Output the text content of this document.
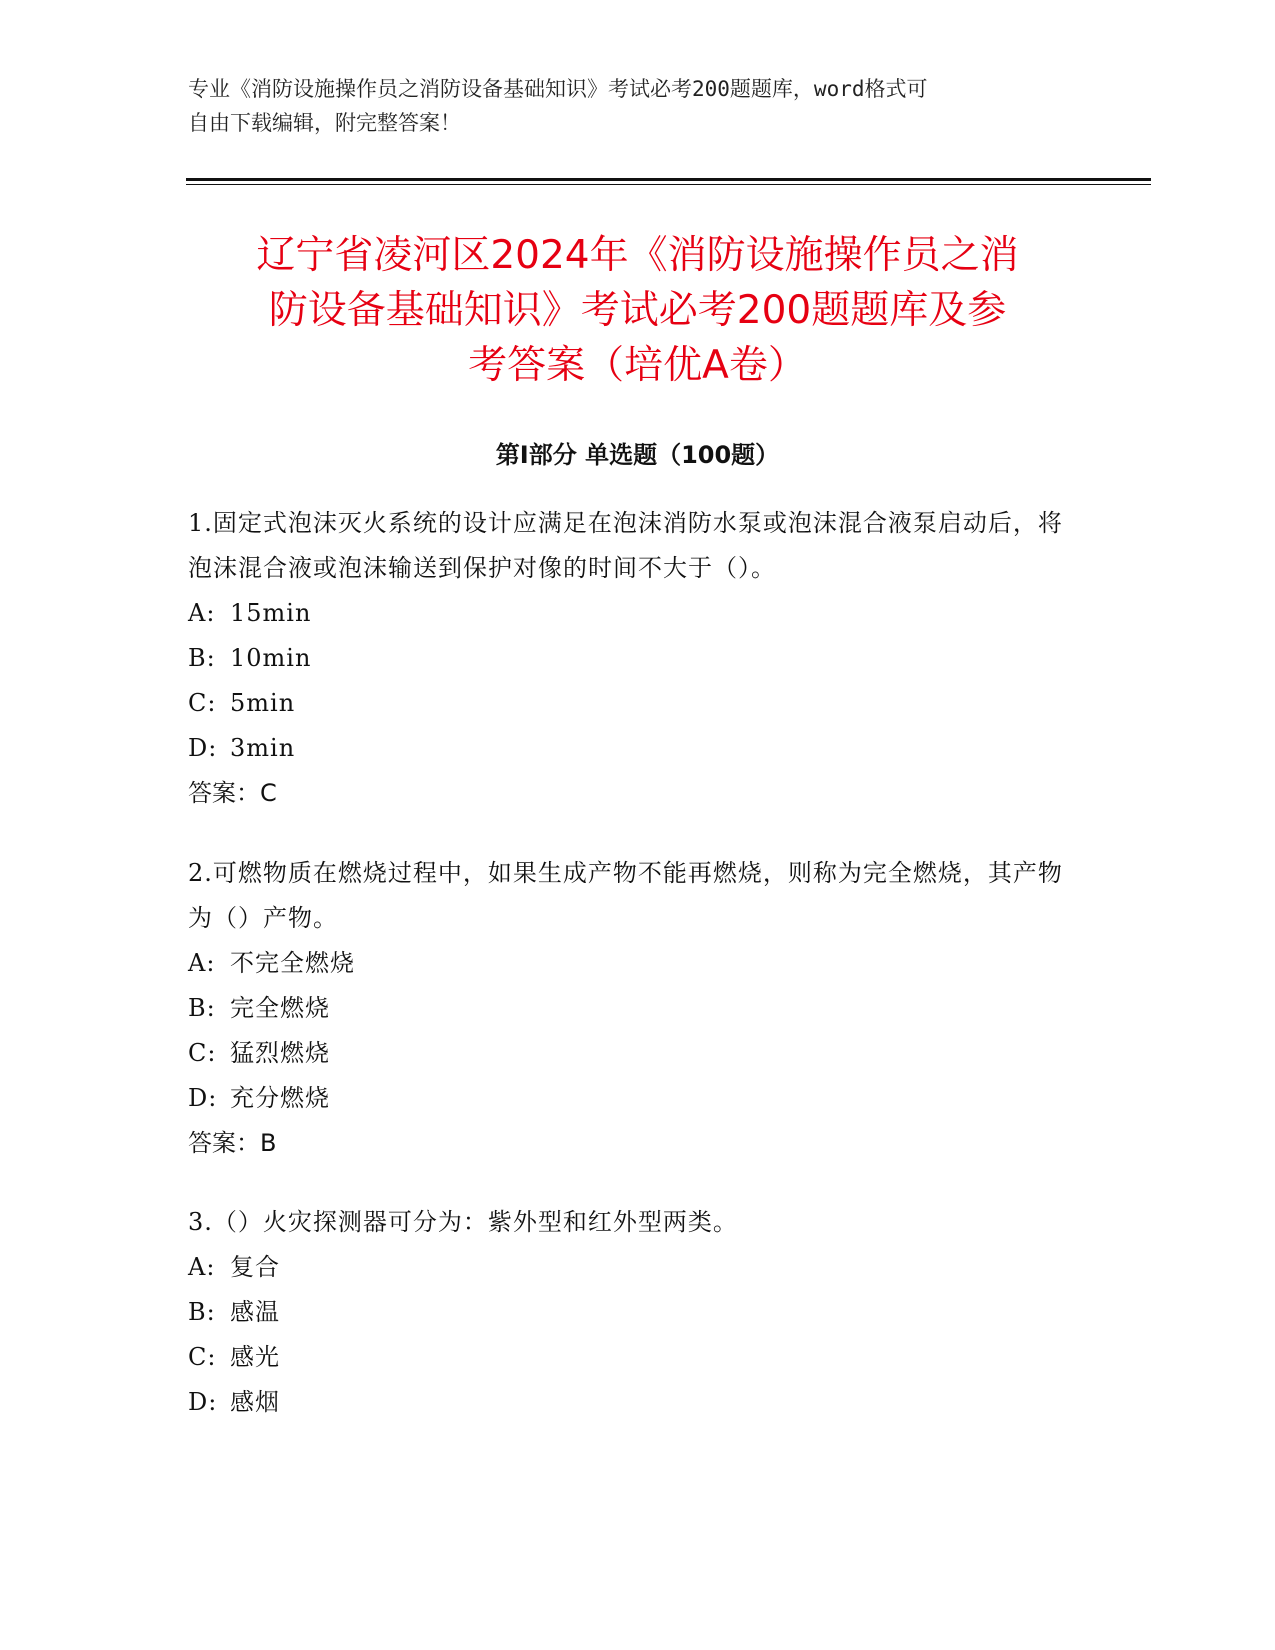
专业《消防设施操作员之消防设备基础知识》考试必考200题题库，word格式可

自由下载编辑，附完整答案！

辽宁省凌河区2024年《消防设施操作员之消
防设备基础知识》考试必考200题题库及参
考答案（培优A卷）
第Ⅰ部分 单选题（100题）

1.固定式泡沫灭火系统的设计应满足在泡沫消防水泵或泡沫混合液泵启动后，将泡沫混合液或泡沫输送到保护对像的时间不大于（）。

A: 15min

B: 10min

C: 5min

D: 3min

答案：C

2.可燃物质在燃烧过程中，如果生成产物不能再燃烧，则称为完全燃烧，其产物为（）产物。

A: 不完全燃烧

B: 完全燃烧

C: 猛烈燃烧

D: 充分燃烧

答案：B

3.（）火灾探测器可分为：紫外型和红外型两类。

A: 复合

B: 感温

C: 感光

D: 感烟
